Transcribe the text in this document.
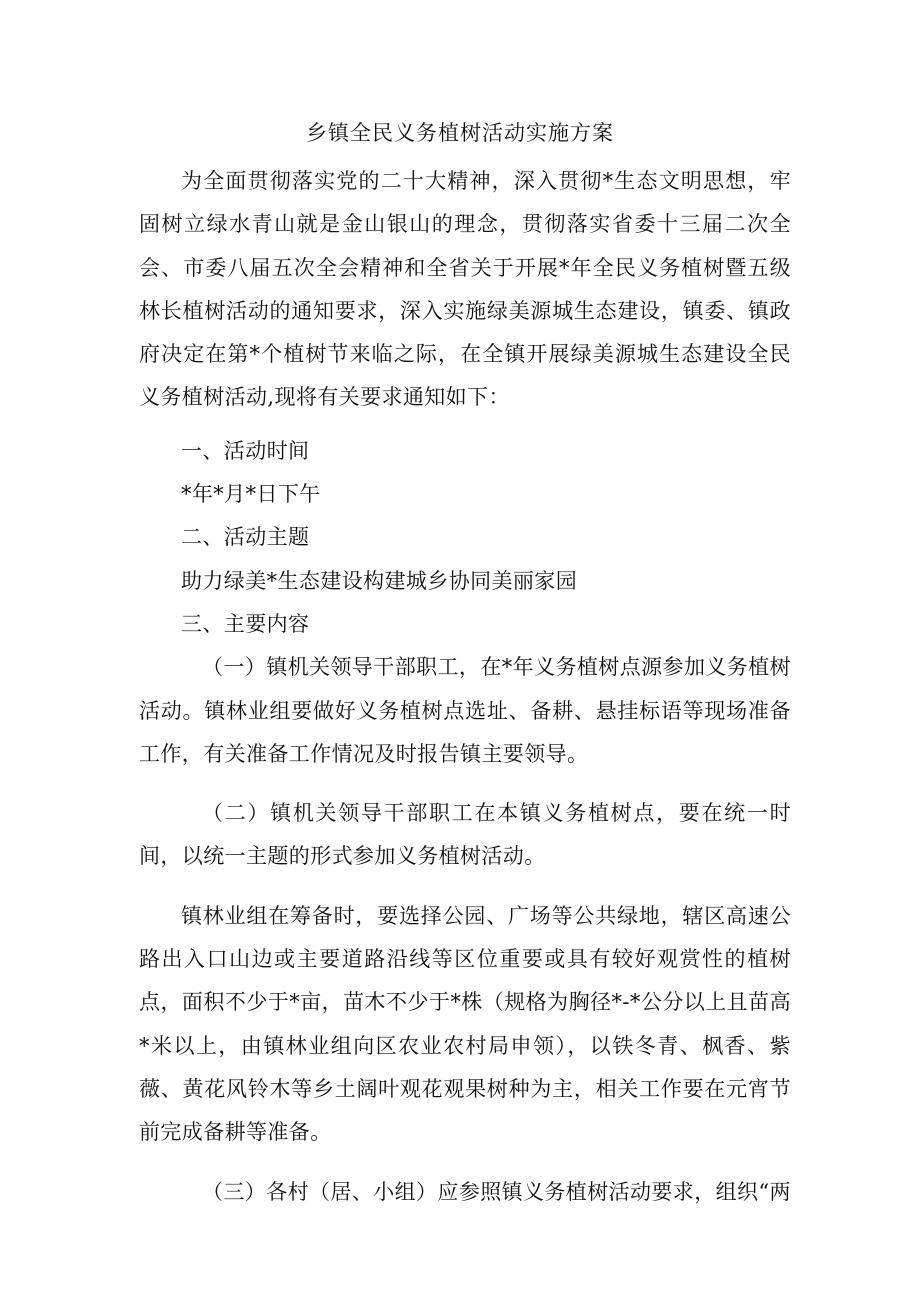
乡镇全民义务植树活动实施方案

为全面贯彻落实党的二十大精神，深入贯彻*生态文明思想，牢固树立绿水青山就是金山银山的理念，贯彻落实省委十三届二次全会、市委八届五次全会精神和全省关于开展*年全民义务植树暨五级林长植树活动的通知要求，深入实施绿美源城生态建设，镇委、镇政府决定在第*个植树节来临之际，在全镇开展绿美源城生态建设全民义务植树活动,现将有关要求通知如下：

一、活动时间

*年*月*日下午

二、活动主题

助力绿美*生态建设构建城乡协同美丽家园

三、主要内容

（一）镇机关领导干部职工，在*年义务植树点源参加义务植树活动。镇林业组要做好义务植树点选址、备耕、悬挂标语等现场准备工作，有关准备工作情况及时报告镇主要领导。

（二）镇机关领导干部职工在本镇义务植树点，要在统一时间，以统一主题的形式参加义务植树活动。

镇林业组在筹备时，要选择公园、广场等公共绿地，辖区高速公路出入口山边或主要道路沿线等区位重要或具有较好观赏性的植树点，面积不少于*亩，苗木不少于*株（规格为胸径*-*公分以上且苗高*米以上，由镇林业组向区农业农村局申领），以铁冬青、枫香、紫薇、黄花风铃木等乡土阔叶观花观果树种为主，相关工作要在元宵节前完成备耕等准备。

（三）各村（居、小组）应参照镇义务植树活动要求，组织“两
